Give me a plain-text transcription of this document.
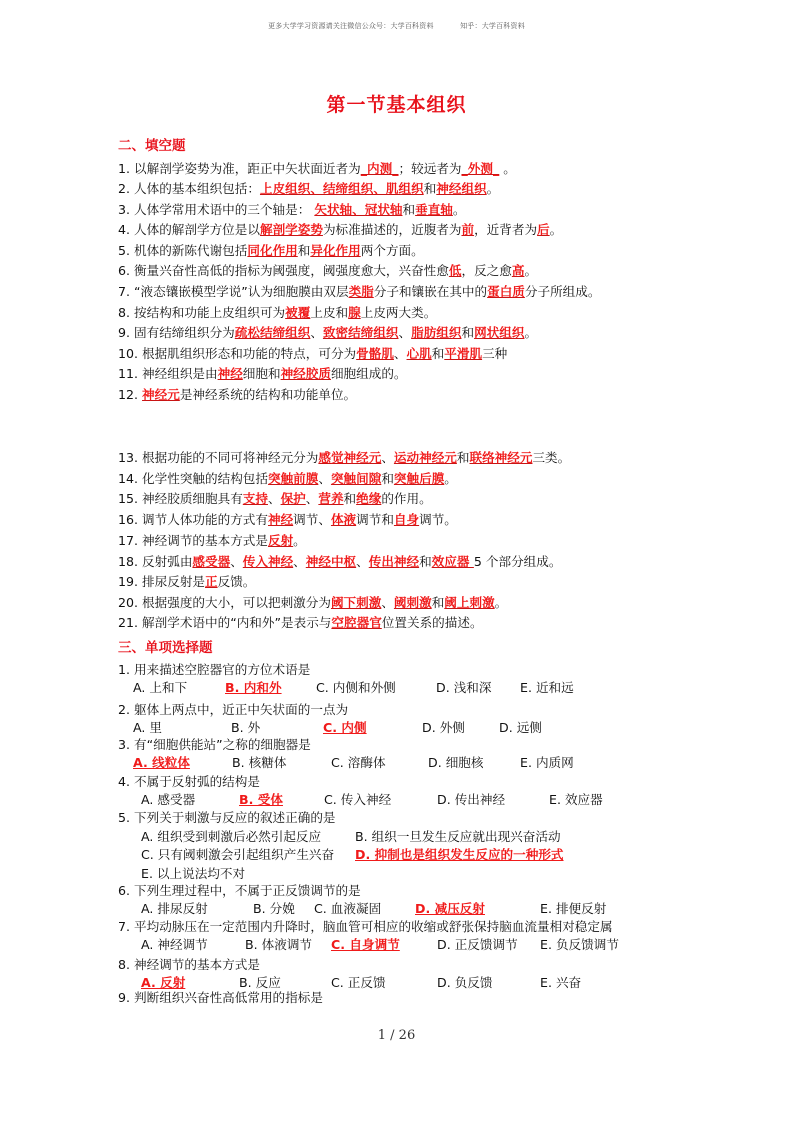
更多大学学习资源请关注微信公众号：大学百科资料	知乎：大学百科资料
第一节基本组织
二、填空题
1. 以解剖学姿势为准，距正中矢状面近者为_内测_；较远者为_外测_ 。
2. 人体的基本组织包括：上皮组织、结缔组织、肌组织和神经组织。
3. 人体学常用术语中的三个轴是： 矢状轴、冠状轴和垂直轴。
4. 人体的解剖学方位是以解剖学姿势为标准描述的，近腹者为前，近背者为后。
5. 机体的新陈代谢包括同化作用和异化作用两个方面。
6. 衡量兴奋性高低的指标为阈强度，阈强度愈大，兴奋性愈低，反之愈高。
7. “液态镶嵌模型学说”认为细胞膜由双层类脂分子和镶嵌在其中的蛋白质分子所组成。
8. 按结构和功能上皮组织可为被覆上皮和腺上皮两大类。
9. 固有结缔组织分为疏松结缔组织、致密结缔组织、脂肪组织和网状组织。
10. 根据肌组织形态和功能的特点，可分为骨骼肌、心肌和平滑肌三种
11. 神经组织是由神经细胞和神经胶质细胞组成的。
12. 神经元是神经系统的结构和功能单位。
13. 根据功能的不同可将神经元分为感觉神经元、运动神经元和联络神经元三类。
14. 化学性突触的结构包括突触前膜、突触间隙和突触后膜。
15. 神经胶质细胞具有支持、保护、营养和绝缘的作用。
16. 调节人体功能的方式有神经调节、体液调节和自身调节。
17. 神经调节的基本方式是反射。
18. 反射弧由感受器、传入神经、神经中枢、传出神经和效应器 5 个部分组成。
19. 排尿反射是正反馈。
20. 根据强度的大小，可以把刺激分为阈下刺激、阈刺激和阈上刺激。
21. 解剖学术语中的“内和外”是表示与空腔器官位置关系的描述。
三、单项选择题
1. 用来描述空腔器官的方位术语是
A. 上和下	B. 内和外	C. 内侧和外侧	D. 浅和深 E. 近和远
2. 躯体上两点中，近正中矢状面的一点为
A. 里	B. 外	C. 内侧	D. 外侧	D. 远侧
3. 有“细胞供能站”之称的细胞器是
A. 线粒体	B. 核糖体	C. 溶酶体	D. 细胞核	E. 内质网
4. 不属于反射弧的结构是
A. 感受器	B. 受体	C. 传入神经	D. 传出神经	E. 效应器
5. 下列关于刺激与反应的叙述正确的是
A. 组织受到刺激后必然引起反应	B. 组织一旦发生反应就出现兴奋活动
C. 只有阈刺激会引起组织产生兴奋 D. 抑制也是组织发生反应的一种形式
E. 以上说法均不对
6. 下列生理过程中，不属于正反馈调节的是
A. 排尿反射	B. 分娩 C. 血液凝固	D. 减压反射	E. 排便反射
7. 平均动脉压在一定范围内升降时，脑血管可相应的收缩或舒张保持脑血流量相对稳定属
A. 神经调节	B. 体液调节 C. 自身调节	D. 正反馈调节 E. 负反馈调节
8. 神经调节的基本方式是
A. 反射	B. 反应	C. 正反馈	D. 负反馈	E. 兴奋
9. 判断组织兴奋性高低常用的指标是
1 / 26
